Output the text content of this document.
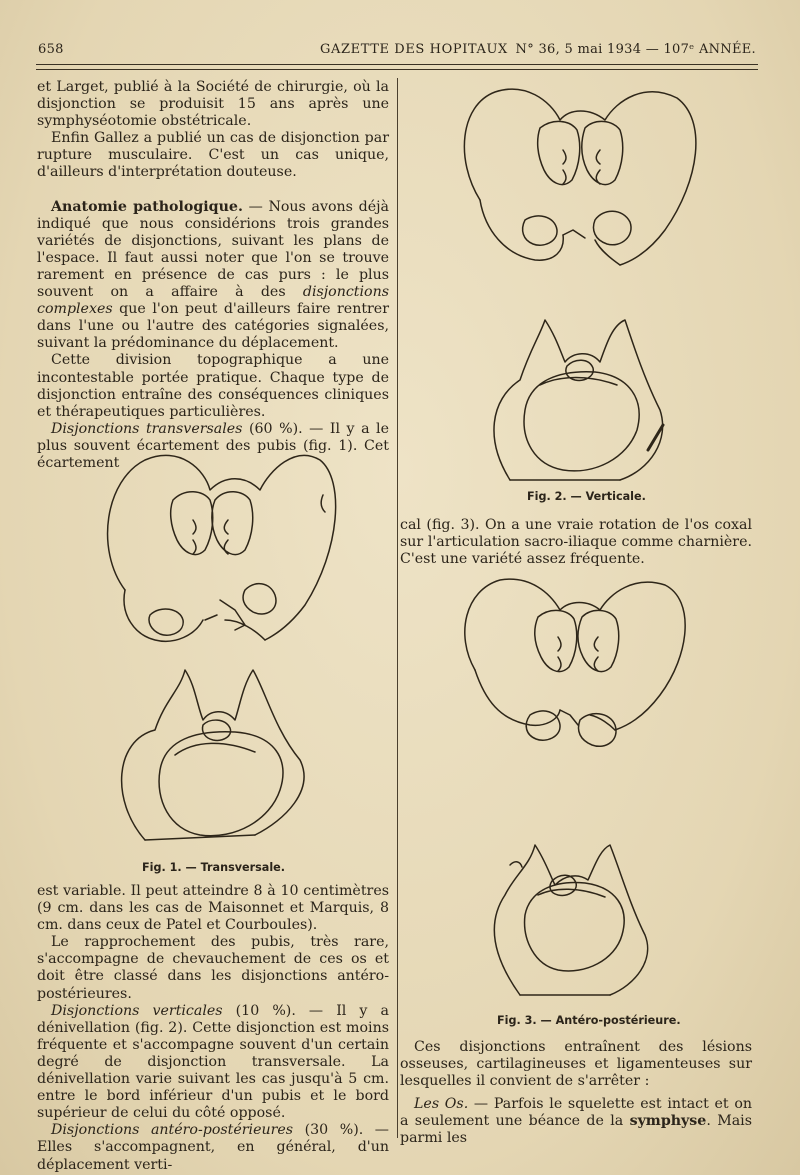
658	GAZETTE DES HOPITAUX N° 36, 5 mai 1934 — 107ᵉ ANNÉE.

et Larget, publié à la Société de chirurgie, où la disjonction se produisit 15 ans après une symphyséotomie obstétricale.

Enfin Gallez a publié un cas de disjonction par rupture musculaire. C'est un cas unique, d'ailleurs d'interprétation douteuse.

Anatomie pathologique. — Nous avons déjà indiqué que nous considérions trois grandes variétés de disjonctions, suivant les plans de l'espace. Il faut aussi noter que l'on se trouve rarement en présence de cas purs : le plus souvent on a affaire à des disjonctions complexes que l'on peut d'ailleurs faire rentrer dans l'une ou l'autre des catégories signalées, suivant la prédominance du déplacement.

Cette division topographique a une incontestable portée pratique. Chaque type de disjonction entraîne des conséquences cliniques et thérapeutiques particulières.

Disjonctions transversales (60 %). — Il y a le plus souvent écartement des pubis (fig. 1). Cet écartement

Fig. 1. — Transversale.

est variable. Il peut atteindre 8 à 10 centimètres (9 cm. dans les cas de Maisonnet et Marquis, 8 cm. dans ceux de Patel et Courboules).

Le rapprochement des pubis, très rare, s'accompagne de chevauchement de ces os et doit être classé dans les disjonctions antéro-postérieures.

Disjonctions verticales (10 %). — Il y a dénivellation (fig. 2). Cette disjonction est moins fréquente et s'accompagne souvent d'un certain degré de disjonction transversale. La dénivellation varie suivant les cas jusqu'à 5 cm. entre le bord inférieur d'un pubis et le bord supérieur de celui du côté opposé.

Disjonctions antéro-postérieures (30 %). — Elles s'accompagnent, en général, d'un déplacement verti-

Fig. 2. — Verticale.

cal (fig. 3). On a une vraie rotation de l'os coxal sur l'articulation sacro-iliaque comme charnière. C'est une variété assez fréquente.

Fig. 3. — Antéro-postérieure.

Ces disjonctions entraînent des lésions osseuses, cartilagineuses et ligamenteuses sur lesquelles il convient de s'arrêter :

Les Os. — Parfois le squelette est intact et on a seulement une béance de la symphyse. Mais parmi les
